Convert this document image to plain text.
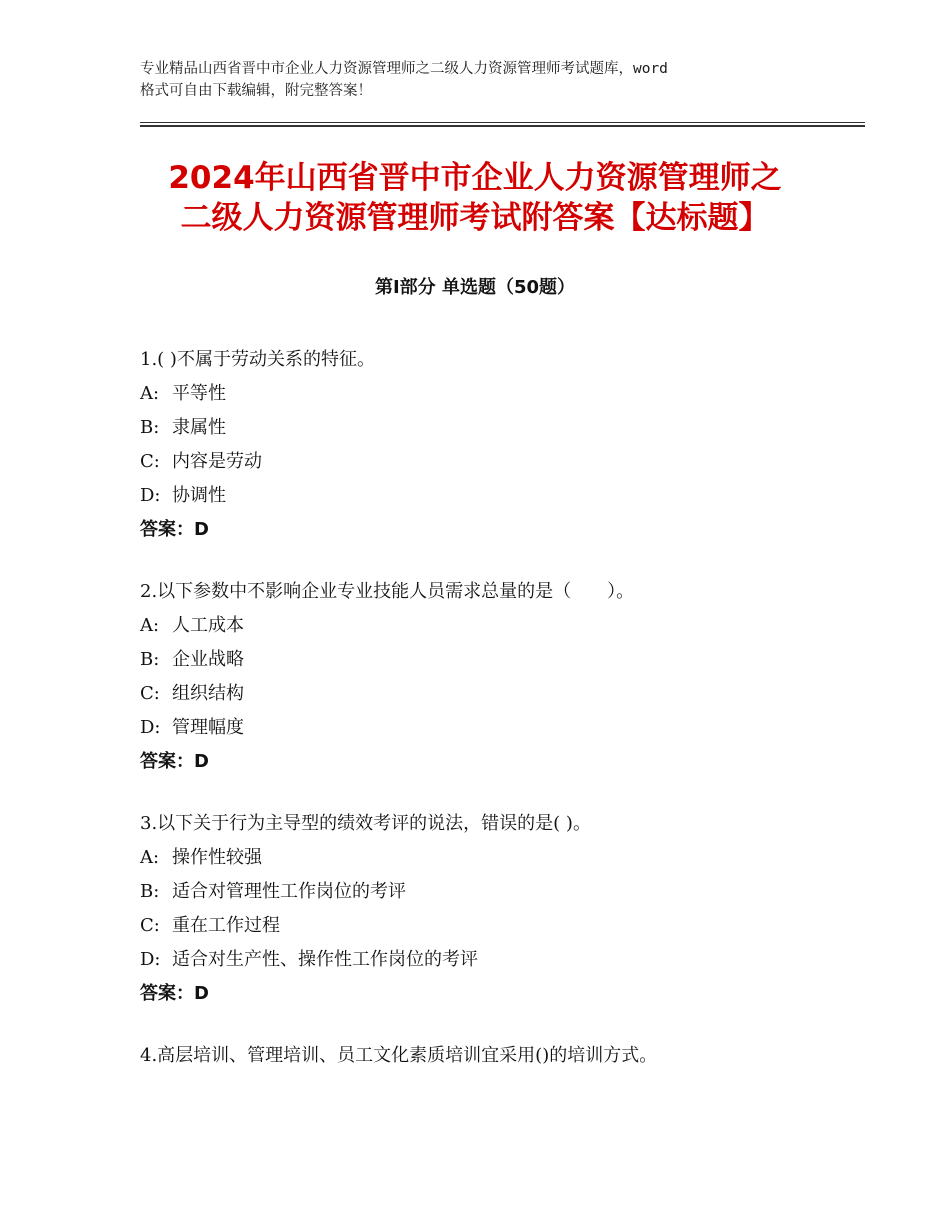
专业精品山西省晋中市企业人力资源管理师之二级人力资源管理师考试题库，word
格式可自由下载编辑，附完整答案！
2024年山西省晋中市企业人力资源管理师之
二级人力资源管理师考试附答案【达标题】
第Ⅰ部分 单选题（50题）
1.( )不属于劳动关系的特征。
A: 平等性
B: 隶属性
C: 内容是劳动
D: 协调性
答案：D
2.以下参数中不影响企业专业技能人员需求总量的是（　　）。
A: 人工成本
B: 企业战略
C: 组织结构
D: 管理幅度
答案：D
3.以下关于行为主导型的绩效考评的说法，错误的是( )。
A: 操作性较强
B: 适合对管理性工作岗位的考评
C: 重在工作过程
D: 适合对生产性、操作性工作岗位的考评
答案：D
4.高层培训、管理培训、员工文化素质培训宜采用()的培训方式。
